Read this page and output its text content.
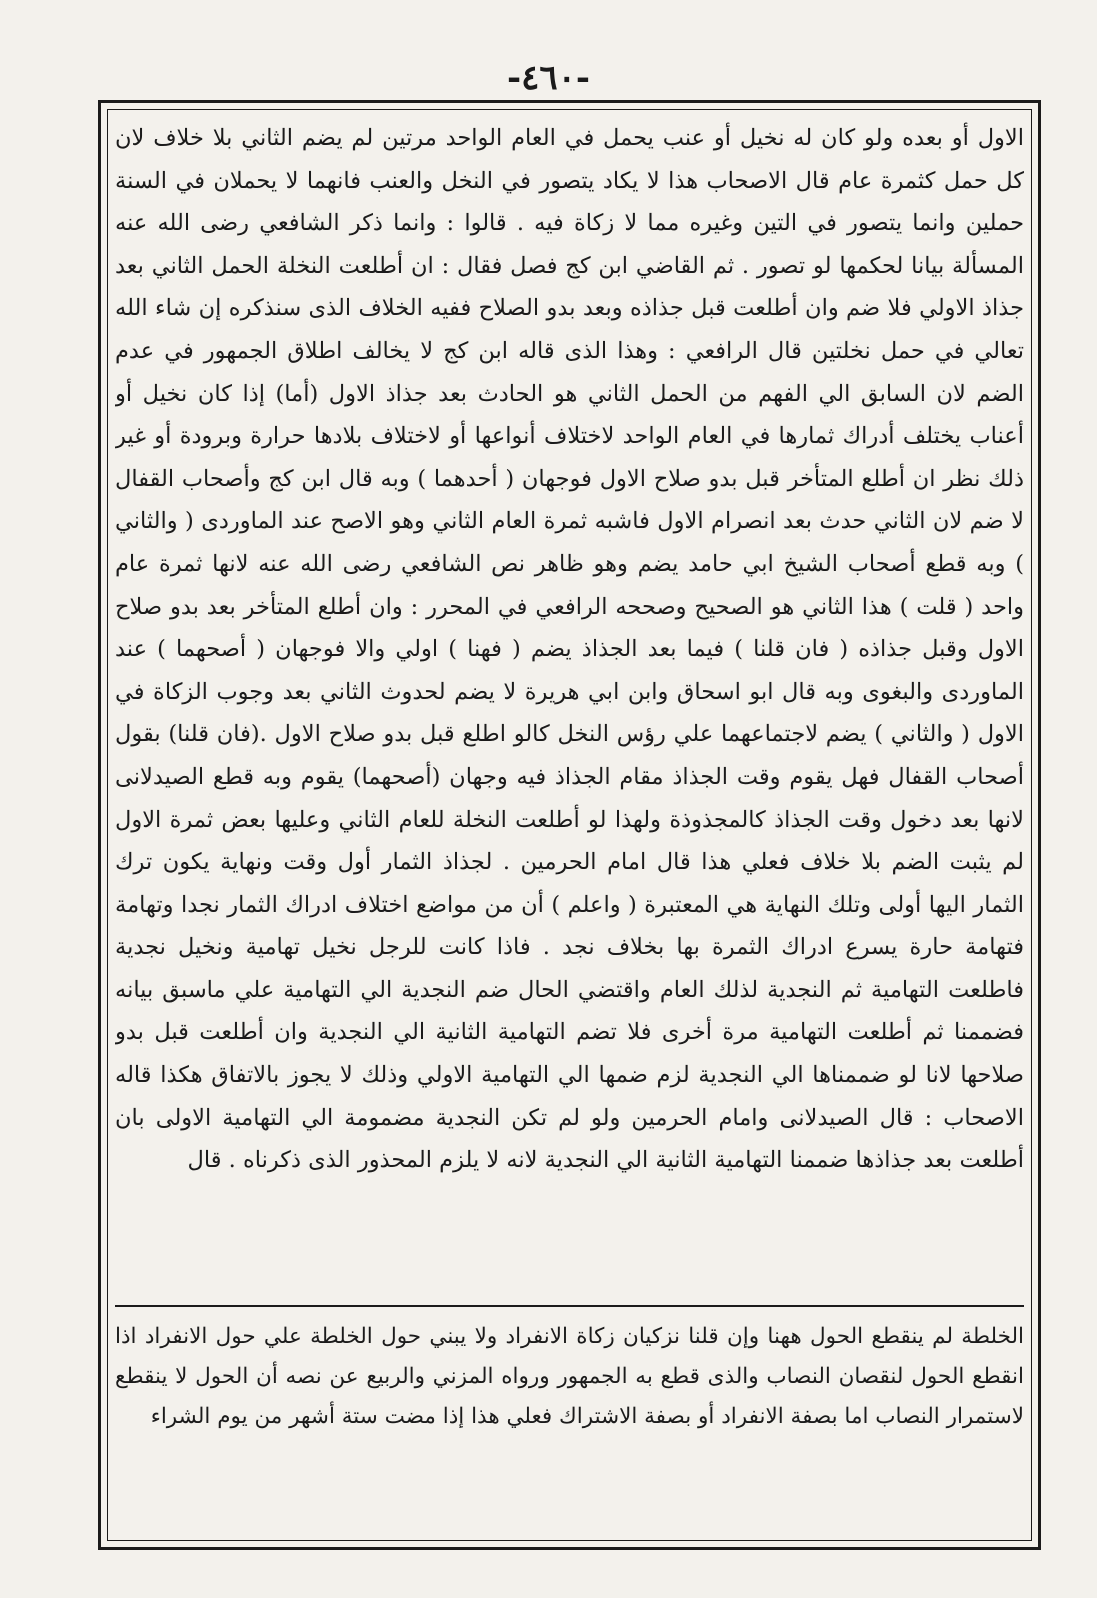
-٤٦٠-

الاول أو بعده ولو كان له نخيل أو عنب يحمل في العام الواحد مرتين لم يضم الثاني بلا خلاف لان كل حمل كثمرة عام قال الاصحاب هذا لا يكاد يتصور في النخل والعنب فانهما لا يحملان في السنة حملين وانما يتصور في التين وغيره مما لا زكاة فيه . قالوا : وانما ذكر الشافعي رضى الله عنه المسألة بيانا لحكمها لو تصور . ثم القاضي ابن كج فصل فقال : ان أطلعت النخلة الحمل الثاني بعد جذاذ الاولي فلا ضم وان أطلعت قبل جذاذه وبعد بدو الصلاح ففيه الخلاف الذى سنذكره إن شاء الله تعالي في حمل نخلتين قال الرافعي : وهذا الذى قاله ابن كج لا يخالف اطلاق الجمهور في عدم الضم لان السابق الي الفهم من الحمل الثاني هو الحادث بعد جذاذ الاول (أما) إذا كان نخيل أو أعناب يختلف أدراك ثمارها في العام الواحد لاختلاف أنواعها أو لاختلاف بلادها حرارة وبرودة أو غير ذلك نظر ان أطلع المتأخر قبل بدو صلاح الاول فوجهان ( أحدهما ) وبه قال ابن كج وأصحاب القفال لا ضم لان الثاني حدث بعد انصرام الاول فاشبه ثمرة العام الثاني وهو الاصح عند الماوردى ( والثاني ) وبه قطع أصحاب الشيخ ابي حامد يضم وهو ظاهر نص الشافعي رضى الله عنه لانها ثمرة عام واحد ( قلت ) هذا الثاني هو الصحيح وصححه الرافعي في المحرر : وان أطلع المتأخر بعد بدو صلاح الاول وقبل جذاذه ( فان قلنا ) فيما بعد الجذاذ يضم ( فهنا ) اولي والا فوجهان ( أصحهما ) عند الماوردى والبغوى وبه قال ابو اسحاق وابن ابي هريرة لا يضم لحدوث الثاني بعد وجوب الزكاة في الاول ( والثاني ) يضم لاجتماعهما علي رؤس النخل كالو اطلع قبل بدو صلاح الاول .(فان قلنا) بقول أصحاب القفال فهل يقوم وقت الجذاذ مقام الجذاذ فيه وجهان (أصحهما) يقوم وبه قطع الصيدلانى لانها بعد دخول وقت الجذاذ كالمجذوذة ولهذا لو أطلعت النخلة للعام الثاني وعليها بعض ثمرة الاول لم يثبت الضم بلا خلاف فعلي هذا قال امام الحرمين . لجذاذ الثمار أول وقت ونهاية يكون ترك الثمار اليها أولى وتلك النهاية هي المعتبرة ( واعلم ) أن من مواضع اختلاف ادراك الثمار نجدا وتهامة فتهامة حارة يسرع ادراك الثمرة بها بخلاف نجد . فاذا كانت للرجل نخيل تهامية ونخيل نجدية فاطلعت التهامية ثم النجدية لذلك العام واقتضي الحال ضم النجدية الي التهامية علي ماسبق بيانه فضممنا ثم أطلعت التهامية مرة أخرى فلا تضم التهامية الثانية الي النجدية وان أطلعت قبل بدو صلاحها لانا لو ضممناها الي النجدية لزم ضمها الي التهامية الاولي وذلك لا يجوز بالاتفاق هكذا قاله الاصحاب : قال الصيدلانى وامام الحرمين ولو لم تكن النجدية مضمومة الي التهامية الاولى بان أطلعت بعد جذاذها ضممنا التهامية الثانية الي النجدية لانه لا يلزم المحذور الذى ذكرناه . قال

الخلطة لم ينقطع الحول ههنا وإن قلنا نزكيان زكاة الانفراد ولا يبني حول الخلطة علي حول الانفراد اذا انقطع الحول لنقصان النصاب والذى قطع به الجمهور ورواه المزني والربيع عن نصه أن الحول لا ينقطع لاستمرار النصاب اما بصفة الانفراد أو بصفة الاشتراك فعلي هذا إذا مضت ستة أشهر من يوم الشراء
